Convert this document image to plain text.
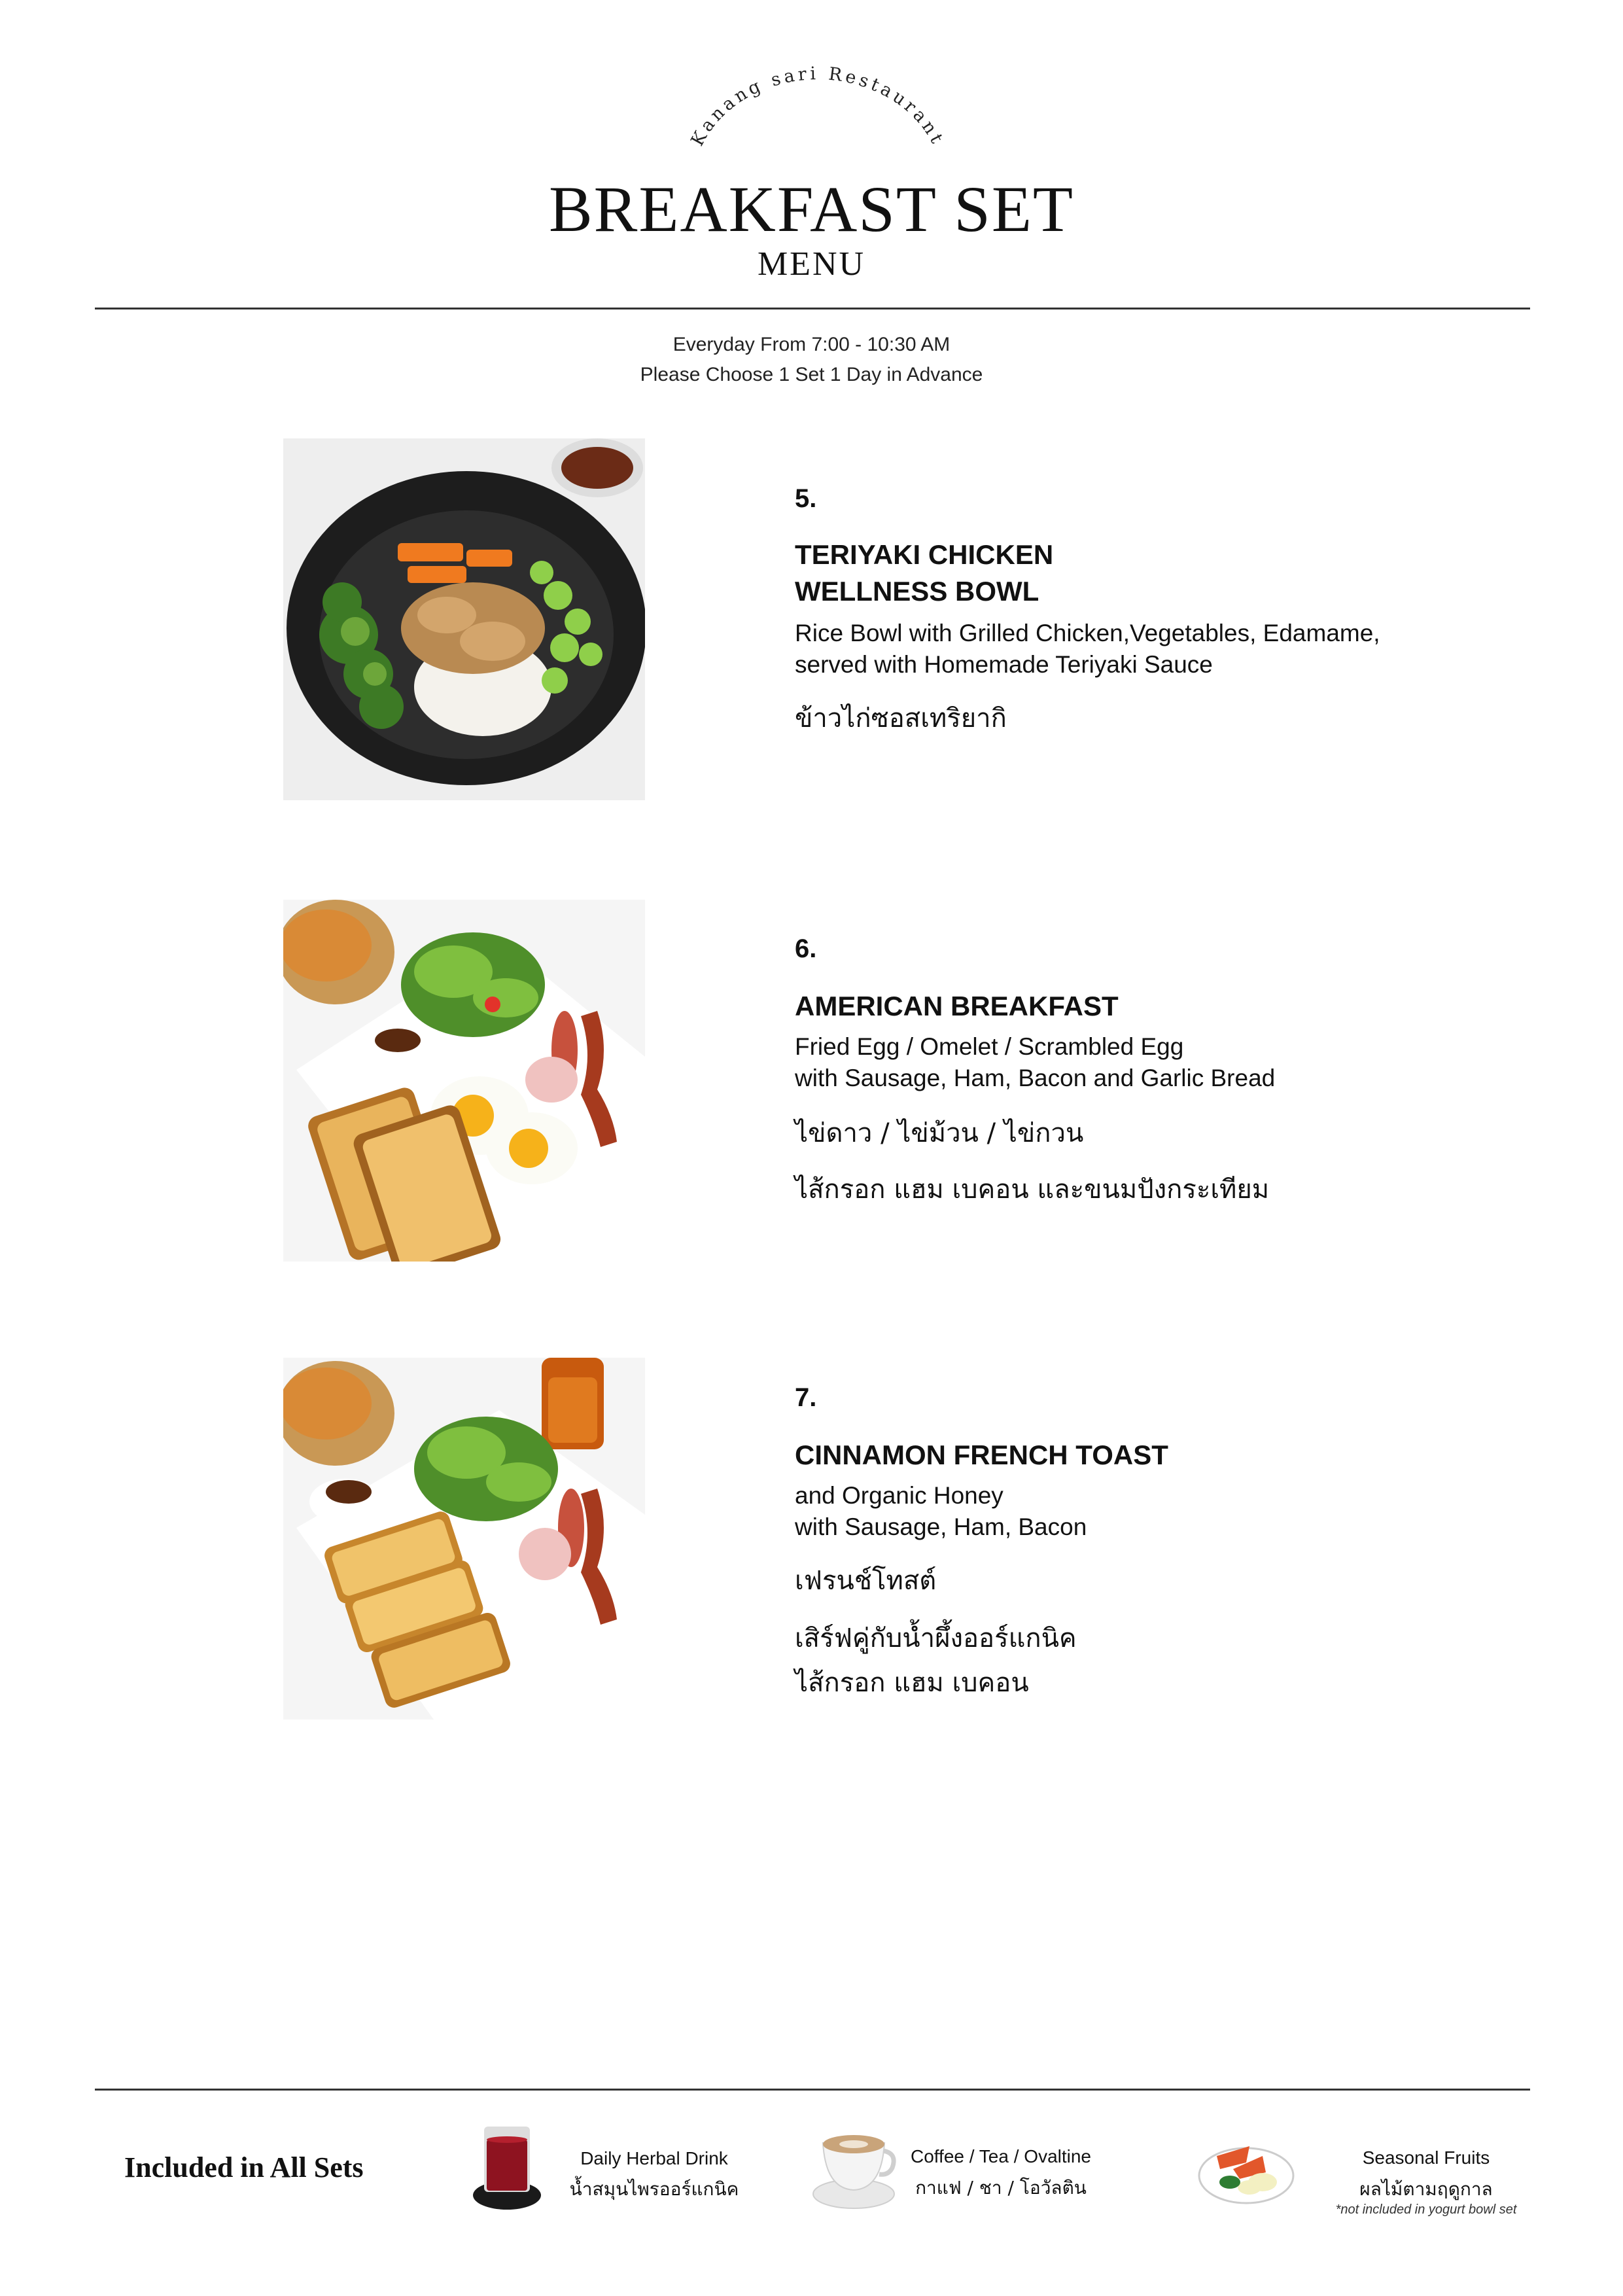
Kanang sari Restaurant
BREAKFAST SET
MENU
Everyday From 7:00 - 10:30 AM
Please Choose 1 Set 1 Day in Advance
5.
TERIYAKI CHICKEN
WELLNESS BOWL
Rice Bowl with Grilled Chicken,Vegetables, Edamame,
served with Homemade Teriyaki Sauce
ข้าวไก่ซอสเทริยากิ
6.
AMERICAN BREAKFAST
Fried Egg / Omelet / Scrambled Egg
with Sausage, Ham, Bacon and Garlic Bread
ไข่ดาว / ไข่ม้วน / ไข่กวน
ไส้กรอก แฮม เบคอน และขนมปังกระเทียม
7.
CINNAMON FRENCH TOAST
and Organic Honey
with Sausage, Ham, Bacon
เฟรนช์โทสต์
เสิร์ฟคู่กับน้ำผึ้งออร์แกนิค
ไส้กรอก แฮม เบคอน
Included in All Sets	Daily Herbal Drink
น้ำสมุนไพรออร์แกนิค
Coffee / Tea / Ovaltine
กาแฟ / ชา / โอวัลติน
Seasonal Fruits
ผลไม้ตามฤดูกาล
*not included in yogurt bowl set
